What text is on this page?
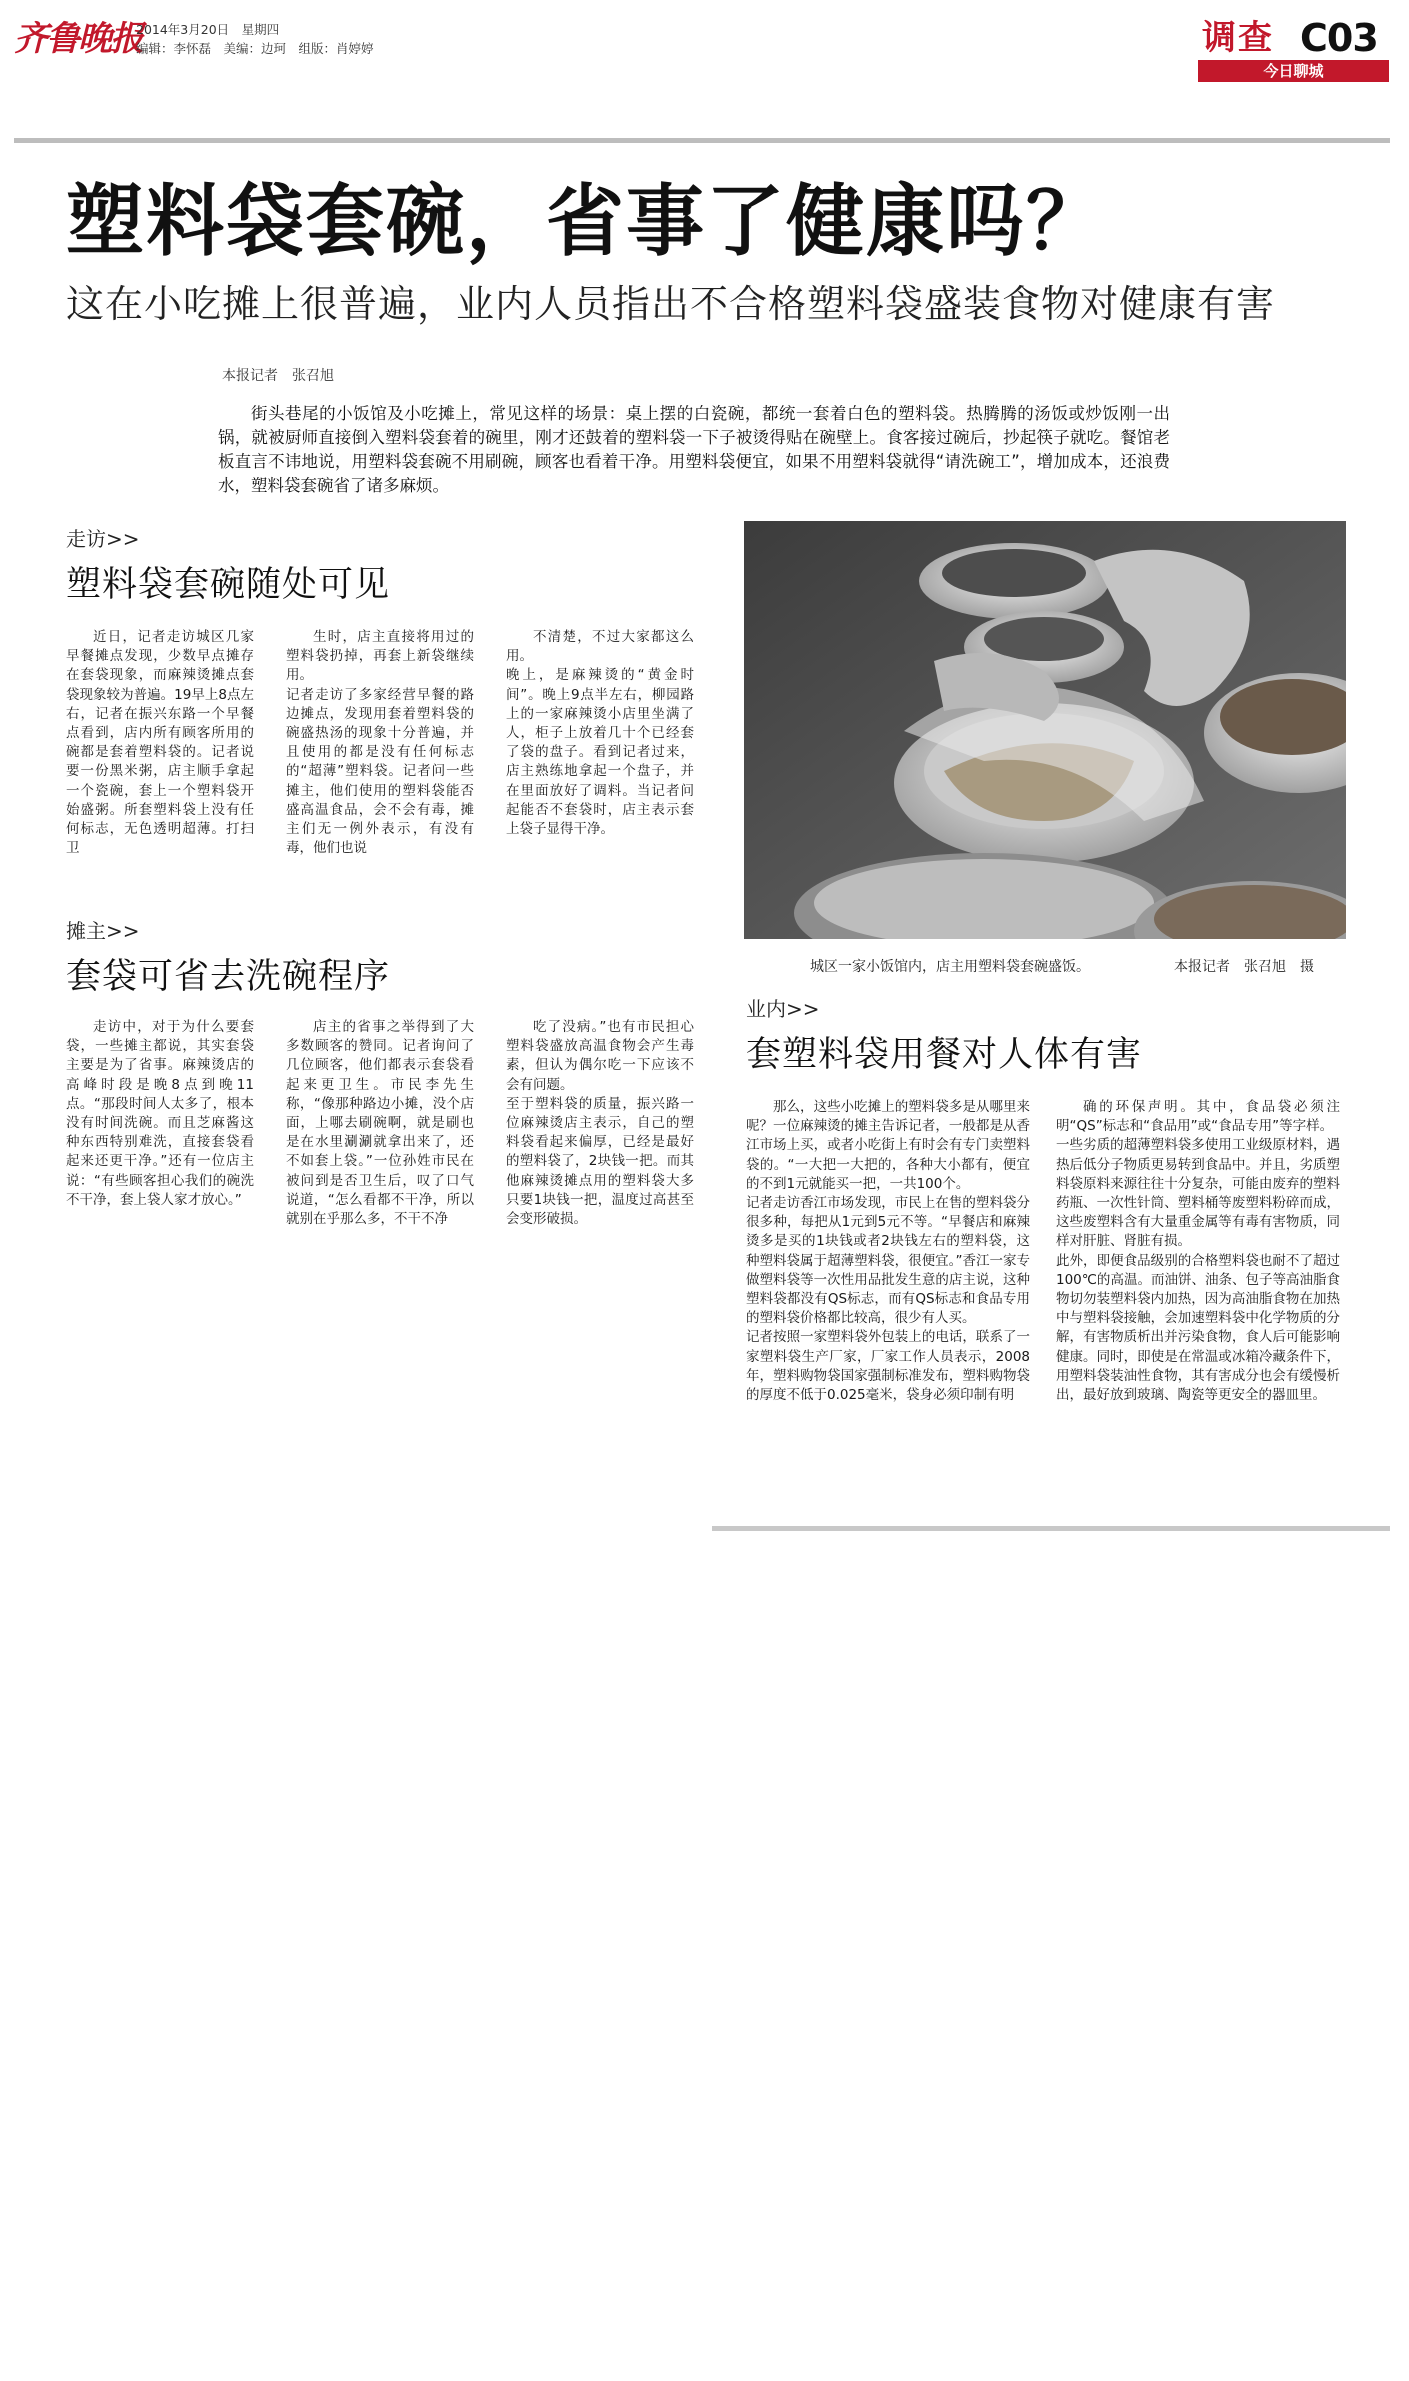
齐鲁晚报
2014年3月20日　星期四
编辑：李怀磊　美编：边珂　组版：肖婷婷	调查 C03
今日聊城
塑料袋套碗，省事了健康吗？
这在小吃摊上很普遍，业内人员指出不合格塑料袋盛装食物对健康有害
本报记者　张召旭
街头巷尾的小饭馆及小吃摊上，常见这样的场景：桌上摆的白瓷碗，都统一套着白色的塑料袋。热腾腾的汤饭或炒饭刚一出锅，就被厨师直接倒入塑料袋套着的碗里，刚才还鼓着的塑料袋一下子被烫得贴在碗壁上。食客接过碗后，抄起筷子就吃。餐馆老板直言不讳地说，用塑料袋套碗不用刷碗，顾客也看着干净。用塑料袋便宜，如果不用塑料袋就得“请洗碗工”，增加成本，还浪费水，塑料袋套碗省了诸多麻烦。
走访>>
塑料袋套碗随处可见

近日，记者走访城区几家早餐摊点发现，少数早点摊存在套袋现象，而麻辣烫摊点套袋现象较为普遍。19早上8点左右，记者在振兴东路一个早餐点看到，店内所有顾客所用的碗都是套着塑料袋的。记者说要一份黑米粥，店主顺手拿起一个瓷碗，套上一个塑料袋开始盛粥。所套塑料袋上没有任何标志，无色透明超薄。打扫卫

生时，店主直接将用过的塑料袋扔掉，再套上新袋继续用。
记者走访了多家经营早餐的路边摊点，发现用套着塑料袋的碗盛热汤的现象十分普遍，并且使用的都是没有任何标志的“超薄”塑料袋。记者问一些摊主，他们使用的塑料袋能否盛高温食品，会不会有毒，摊主们无一例外表示，有没有毒，他们也说

不清楚，不过大家都这么用。
晚上，是麻辣烫的“黄金时间”。晚上9点半左右，柳园路上的一家麻辣烫小店里坐满了人，柜子上放着几十个已经套了袋的盘子。看到记者过来，店主熟练地拿起一个盘子，并在里面放好了调料。当记者问起能否不套袋时，店主表示套上袋子显得干净。

摊主>>
套袋可省去洗碗程序

走访中，对于为什么要套袋，一些摊主都说，其实套袋主要是为了省事。麻辣烫店的高峰时段是晚8点到晚11点。“那段时间人太多了，根本没有时间洗碗。而且芝麻酱这种东西特别难洗，直接套袋看起来还更干净。”还有一位店主说：“有些顾客担心我们的碗洗不干净，套上袋人家才放心。”

店主的省事之举得到了大多数顾客的赞同。记者询问了几位顾客，他们都表示套袋看起来更卫生。市民李先生称，“像那种路边小摊，没个店面，上哪去刷碗啊，就是刷也是在水里涮涮就拿出来了，还不如套上袋。”一位孙姓市民在被问到是否卫生后，叹了口气说道，“怎么看都不干净，所以就别在乎那么多，不干不净

吃了没病。”也有市民担心塑料袋盛放高温食物会产生毒素，但认为偶尔吃一下应该不会有问题。
至于塑料袋的质量，振兴路一位麻辣烫店主表示，自己的塑料袋看起来偏厚，已经是最好的塑料袋了，2块钱一把。而其他麻辣烫摊点用的塑料袋大多只要1块钱一把，温度过高甚至会变形破损。

城区一家小饭馆内，店主用塑料袋套碗盛饭。	本报记者　张召旭　摄
业内>>
套塑料袋用餐对人体有害

那么，这些小吃摊上的塑料袋多是从哪里来呢？一位麻辣烫的摊主告诉记者，一般都是从香江市场上买，或者小吃街上有时会有专门卖塑料袋的。“一大把一大把的，各种大小都有，便宜的不到1元就能买一把，一共100个。
记者走访香江市场发现，市民上在售的塑料袋分很多种，每把从1元到5元不等。“早餐店和麻辣烫多是买的1块钱或者2块钱左右的塑料袋，这种塑料袋属于超薄塑料袋，很便宜。”香江一家专做塑料袋等一次性用品批发生意的店主说，这种塑料袋都没有QS标志，而有QS标志和食品专用的塑料袋价格都比较高，很少有人买。
记者按照一家塑料袋外包装上的电话，联系了一家塑料袋生产厂家，厂家工作人员表示，2008年，塑料购物袋国家强制标准发布，塑料购物袋的厚度不低于0.025毫米，袋身必须印制有明

确的环保声明。其中，食品袋必须注明“QS”标志和“食品用”或“食品专用”等字样。
一些劣质的超薄塑料袋多使用工业级原材料，遇热后低分子物质更易转到食品中。并且，劣质塑料袋原料来源往往十分复杂，可能由废弃的塑料药瓶、一次性针筒、塑料桶等废塑料粉碎而成，这些废塑料含有大量重金属等有毒有害物质，同样对肝脏、肾脏有损。
此外，即便食品级别的合格塑料袋也耐不了超过100℃的高温。而油饼、油条、包子等高油脂食物切勿装塑料袋内加热，因为高油脂食物在加热中与塑料袋接触，会加速塑料袋中化学物质的分解，有害物质析出并污染食物，食人后可能影响健康。同时，即使是在常温或冰箱冷藏条件下，用塑料袋装油性食物，其有害成分也会有缓慢析出，最好放到玻璃、陶瓷等更安全的器皿里。
